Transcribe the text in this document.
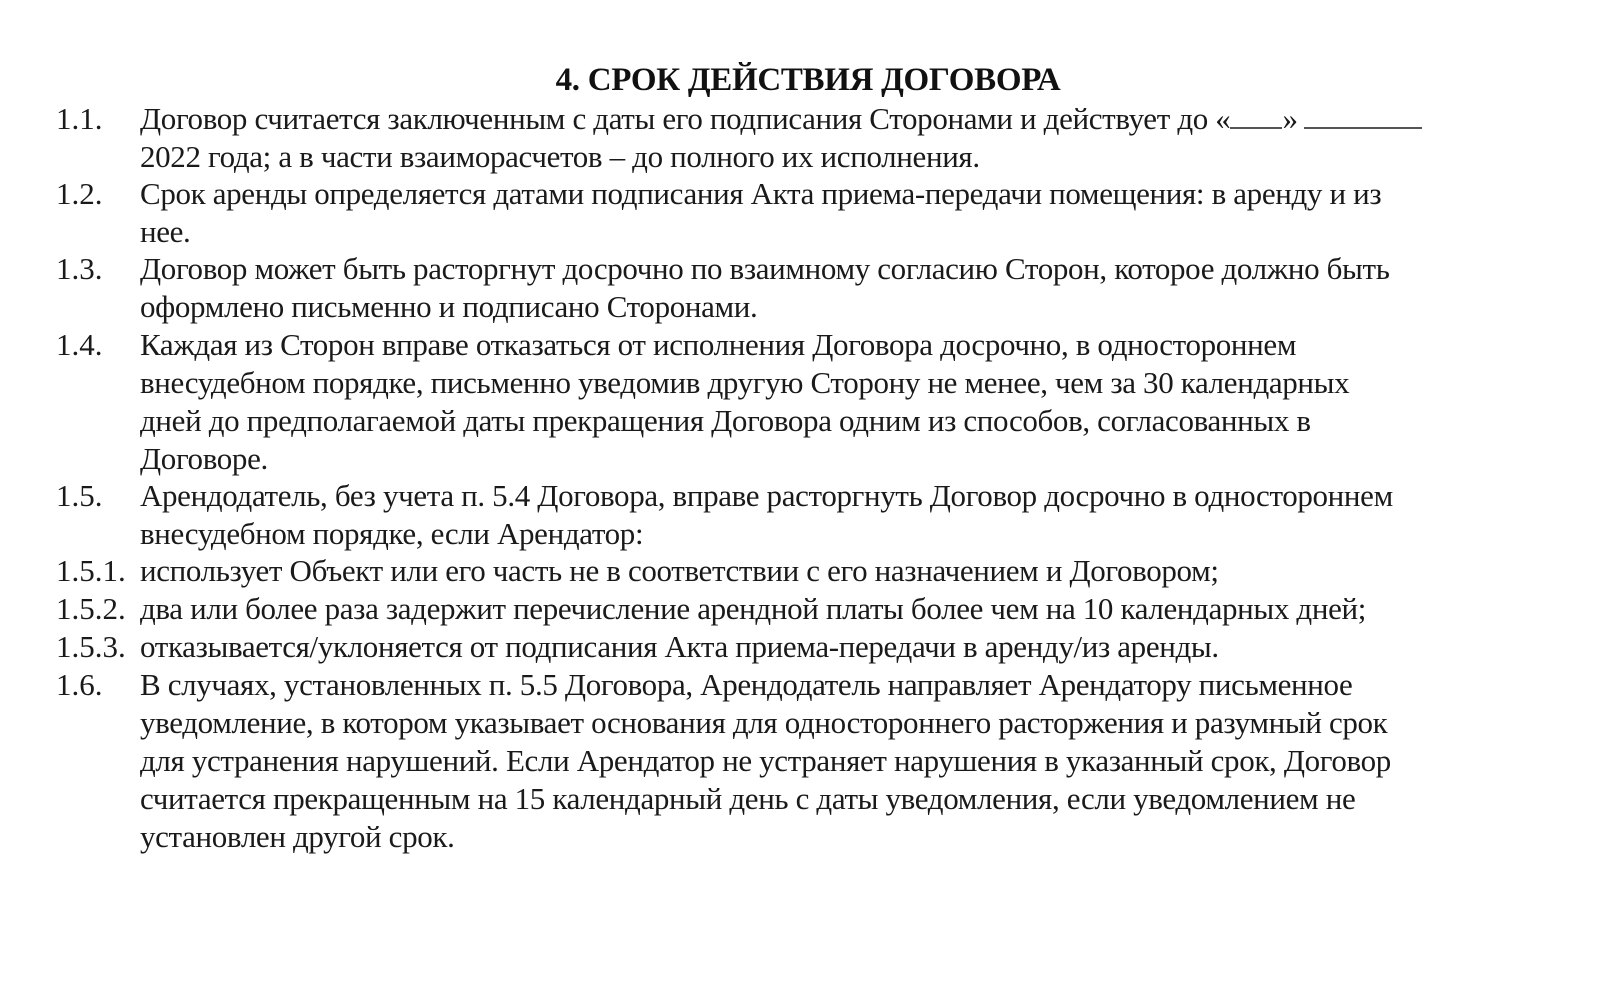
4. СРОК ДЕЙСТВИЯ ДОГОВОРА
1.1. Договор считается заключенным с даты его подписания Сторонами и действует до « »
2022 года; а в части взаиморасчетов – до полного их исполнения.
1.2. Срок аренды определяется датами подписания Акта приема-передачи помещения: в аренду и из
нее.
1.3. Договор может быть расторгнут досрочно по взаимному согласию Сторон, которое должно быть
оформлено письменно и подписано Сторонами.
1.4. Каждая из Сторон вправе отказаться от исполнения Договора досрочно, в одностороннем
внесудебном порядке, письменно уведомив другую Сторону не менее, чем за 30 календарных
дней до предполагаемой даты прекращения Договора одним из способов, согласованных в
Договоре.
1.5. Арендодатель, без учета п. 5.4 Договора, вправе расторгнуть Договор досрочно в одностороннем
внесудебном порядке, если Арендатор:
1.5.1. использует Объект или его часть не в соответствии с его назначением и Договором;
1.5.2. два или более раза задержит перечисление арендной платы более чем на 10 календарных дней;
1.5.3. отказывается/уклоняется от подписания Акта приема-передачи в аренду/из аренды.
1.6. В случаях, установленных п. 5.5 Договора, Арендодатель направляет Арендатору письменное
уведомление, в котором указывает основания для одностороннего расторжения и разумный срок
для устранения нарушений. Если Арендатор не устраняет нарушения в указанный срок, Договор
считается прекращенным на 15 календарный день с даты уведомления, если уведомлением не
установлен другой срок.
